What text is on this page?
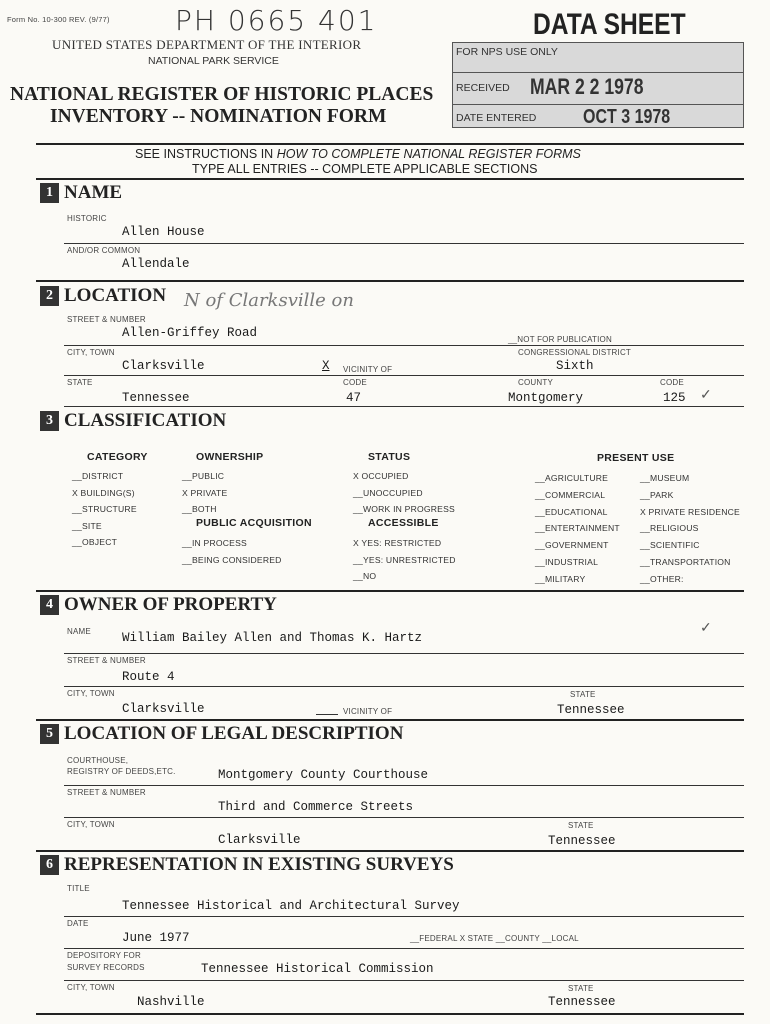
Form No. 10-300 REV. (9/77) PH 0665 401	DATA SHEET
UNITED STATES DEPARTMENT OF THE INTERIOR
NATIONAL PARK SERVICE
NATIONAL REGISTER OF HISTORIC PLACES
INVENTORY -- NOMINATION FORM
FOR NPS USE ONLY
RECEIVED MAR 2 2 1978
DATE ENTERED OCT 3 1978
SEE INSTRUCTIONS IN HOW TO COMPLETE NATIONAL REGISTER FORMS
TYPE ALL ENTRIES -- COMPLETE APPLICABLE SECTIONS
1 NAME
HISTORIC
Allen House
AND/OR COMMON
Allendale
2 LOCATION N of Clarksville on
STREET & NUMBER
Allen-Griffey Road	__NOT FOR PUBLICATION
CITY, TOWN	CONGRESSIONAL DISTRICT
Clarksville	X VICINITY OF	Sixth
STATE	CODE	COUNTY	CODE
Tennessee	47	Montgomery	125 ✓
3 CLASSIFICATION
CATEGORY
__DISTRICT
X BUILDING(S)
__STRUCTURE
__SITE
__OBJECT
OWNERSHIP
__PUBLIC
X PRIVATE
__BOTH
PUBLIC ACQUISITION
__IN PROCESS
__BEING CONSIDERED
STATUS
X OCCUPIED
__UNOCCUPIED
__WORK IN PROGRESS
ACCESSIBLE
X YES: RESTRICTED
__YES: UNRESTRICTED
__NO
PRESENT USE
__AGRICULTURE
__COMMERCIAL
__EDUCATIONAL
__ENTERTAINMENT
__GOVERNMENT
__INDUSTRIAL
__MILITARY
__MUSEUM
__PARK
X PRIVATE RESIDENCE
__RELIGIOUS
__SCIENTIFIC
__TRANSPORTATION
__OTHER:
4 OWNER OF PROPERTY
NAME William Bailey Allen and Thomas K. Hartz
✓
STREET & NUMBER
Route 4
CITY, TOWN	STATE
Clarksville	VICINITY OF	Tennessee
5 LOCATION OF LEGAL DESCRIPTION
COURTHOUSE,
REGISTRY OF DEEDS,ETC.	Montgomery County Courthouse
STREET & NUMBER
Third and Commerce Streets
CITY, TOWN	STATE
Clarksville	Tennessee
6 REPRESENTATION IN EXISTING SURVEYS
TITLE
Tennessee Historical and Architectural Survey
DATE
June 1977	__FEDERAL X STATE __COUNTY __LOCAL
DEPOSITORY FOR
SURVEY RECORDS	Tennessee Historical Commission
CITY, TOWN	STATE
Nashville	Tennessee
